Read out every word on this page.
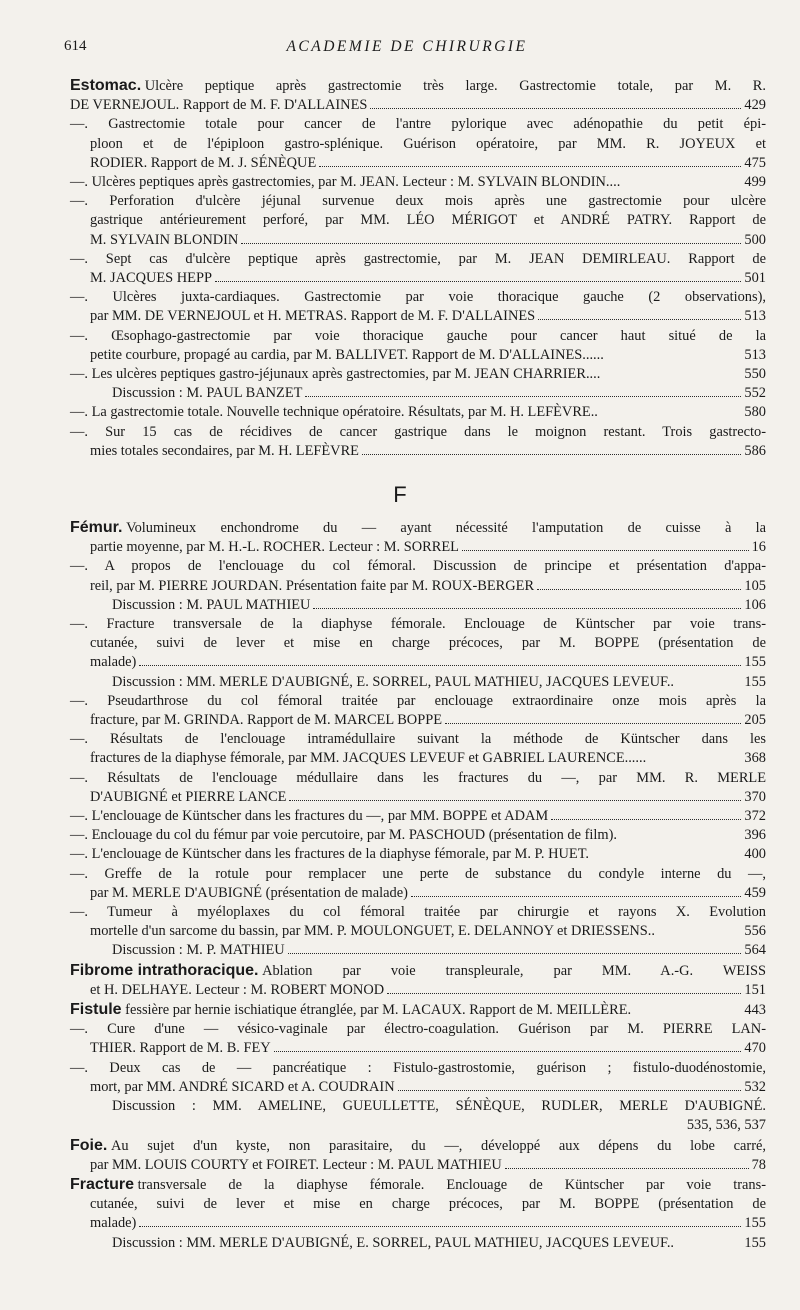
614	ACADEMIE DE CHIRURGIE
Estomac.
Ulcère peptique après gastrectomie très large. Gastrectomie totale, par M. R.
DE VERNEJOUL. Rapport de M. F. D'ALLAINES	429
—. Gastrectomie totale pour cancer de l'antre pylorique avec adénopathie du petit épi-
ploon et de l'épiploon gastro-splénique. Guérison opératoire, par MM. R. JOYEUX et
RODIER. Rapport de M. J. SÉNÈQUE	475
—. Ulcères peptiques après gastrectomies, par M. JEAN. Lecteur : M. SYLVAIN BLONDIN....	499
—. Perforation d'ulcère jéjunal survenue deux mois après une gastrectomie pour ulcère
gastrique antérieurement perforé, par MM. LÉO MÉRIGOT et ANDRÉ PATRY. Rapport de
M. SYLVAIN BLONDIN	500
—. Sept cas d'ulcère peptique après gastrectomie, par M. JEAN DEMIRLEAU. Rapport de
M. JACQUES HEPP	501
—. Ulcères juxta-cardiaques. Gastrectomie par voie thoracique gauche (2 observations),
par MM. DE VERNEJOUL et H. METRAS. Rapport de M. F. D'ALLAINES	513
—. Œsophago-gastrectomie par voie thoracique gauche pour cancer haut situé de la
petite courbure, propagé au cardia, par M. BALLIVET. Rapport de M. D'ALLAINES......	513
—. Les ulcères peptiques gastro-jéjunaux après gastrectomies, par M. JEAN CHARRIER....	550
Discussion : M. PAUL BANZET	552
—. La gastrectomie totale. Nouvelle technique opératoire. Résultats, par M. H. LEFÈVRE..	580
—. Sur 15 cas de récidives de cancer gastrique dans le moignon restant. Trois gastrecto-
mies totales secondaires, par M. H. LEFÈVRE	586
F
Fémur.
Volumineux enchondrome du — ayant nécessité l'amputation de cuisse à la
partie moyenne, par M. H.-L. ROCHER. Lecteur : M. SORREL	16
—. A propos de l'enclouage du col fémoral. Discussion de principe et présentation d'appa-
reil, par M. PIERRE JOURDAN. Présentation faite par M. ROUX-BERGER	105
Discussion : M. PAUL MATHIEU	106
—. Fracture transversale de la diaphyse fémorale. Enclouage de Küntscher par voie trans-
cutanée, suivi de lever et mise en charge précoces, par M. BOPPE (présentation de
malade)	155
Discussion : MM. MERLE D'AUBIGNÉ, E. SORREL, PAUL MATHIEU, JACQUES LEVEUF..	155
—. Pseudarthrose du col fémoral traitée par enclouage extraordinaire onze mois après la
fracture, par M. GRINDA. Rapport de M. MARCEL BOPPE	205
—. Résultats de l'enclouage intramédullaire suivant la méthode de Küntscher dans les
fractures de la diaphyse fémorale, par MM. JACQUES LEVEUF et GABRIEL LAURENCE......	368
—. Résultats de l'enclouage médullaire dans les fractures du —, par MM. R. MERLE
D'AUBIGNÉ et PIERRE LANCE	370
—. L'enclouage de Küntscher dans les fractures du —, par MM. BOPPE et ADAM	372
—. Enclouage du col du fémur par voie percutoire, par M. PASCHOUD (présentation de film).	396
—. L'enclouage de Küntscher dans les fractures de la diaphyse fémorale, par M. P. HUET.	400
—. Greffe de la rotule pour remplacer une perte de substance du condyle interne du —,
par M. MERLE D'AUBIGNÉ (présentation de malade)	459
—. Tumeur à myéloplaxes du col fémoral traitée par chirurgie et rayons X. Evolution
mortelle d'un sarcome du bassin, par MM. P. MOULONGUET, E. DELANNOY et DRIESSENS..	556
Discussion : M. P. MATHIEU	564
Fibrome intrathoracique.
Ablation par voie transpleurale, par MM. A.-G. WEISS
et H. DELHAYE. Lecteur : M. ROBERT MONOD	151
Fistule
fessière par hernie ischiatique étranglée, par M. LACAUX. Rapport de M. MEILLÈRE.	443
—. Cure d'une — vésico-vaginale par électro-coagulation. Guérison par M. PIERRE LAN-
THIER. Rapport de M. B. FEY	470
—. Deux cas de — pancréatique : Fistulo-gastrostomie, guérison ; fistulo-duodénostomie,
mort, par MM. ANDRÉ SICARD et A. COUDRAIN	532
Discussion : MM. AMELINE, GUEULLETTE, SÉNÈQUE, RUDLER, MERLE D'AUBIGNÉ.
535, 536, 537
Foie.
Au sujet d'un kyste, non parasitaire, du —, développé aux dépens du lobe carré,
par MM. LOUIS COURTY et FOIRET. Lecteur : M. PAUL MATHIEU	78
Fracture
transversale de la diaphyse fémorale. Enclouage de Küntscher par voie trans-
cutanée, suivi de lever et mise en charge précoces, par M. BOPPE (présentation de
malade)	155
Discussion : MM. MERLE D'AUBIGNÉ, E. SORREL, PAUL MATHIEU, JACQUES LEVEUF..	155
